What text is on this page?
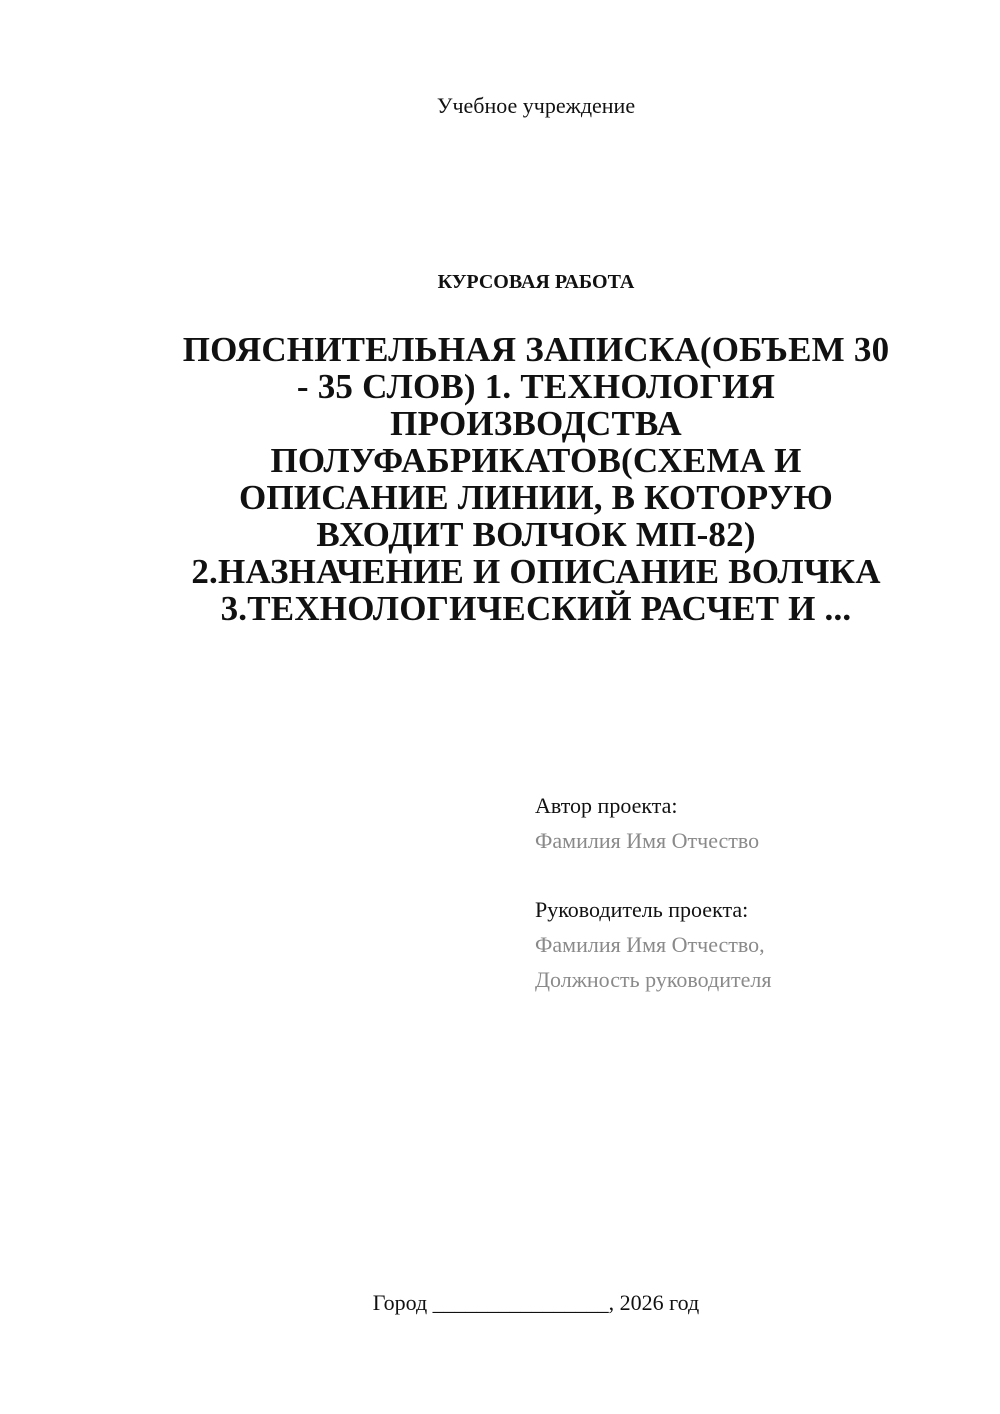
Учебное учреждение
КУРСОВАЯ РАБОТА
ПОЯСНИТЕЛЬНАЯ ЗАПИСКА(ОБЪЕМ 30
- 35 СЛОВ) 1. ТЕХНОЛОГИЯ
ПРОИЗВОДСТВА
ПОЛУФАБРИКАТОВ(СХЕМА И
ОПИСАНИЕ ЛИНИИ, В КОТОРУЮ
ВХОДИТ ВОЛЧОК МП-82)
2.НАЗНАЧЕНИЕ И ОПИСАНИЕ ВОЛЧКА
3.ТЕХНОЛОГИЧЕСКИЙ РАСЧЕТ И ...
Автор проекта:
Фамилия Имя Отчество
Руководитель проекта:
Фамилия Имя Отчество,
Должность руководителя
Город ________________, 2026 год
